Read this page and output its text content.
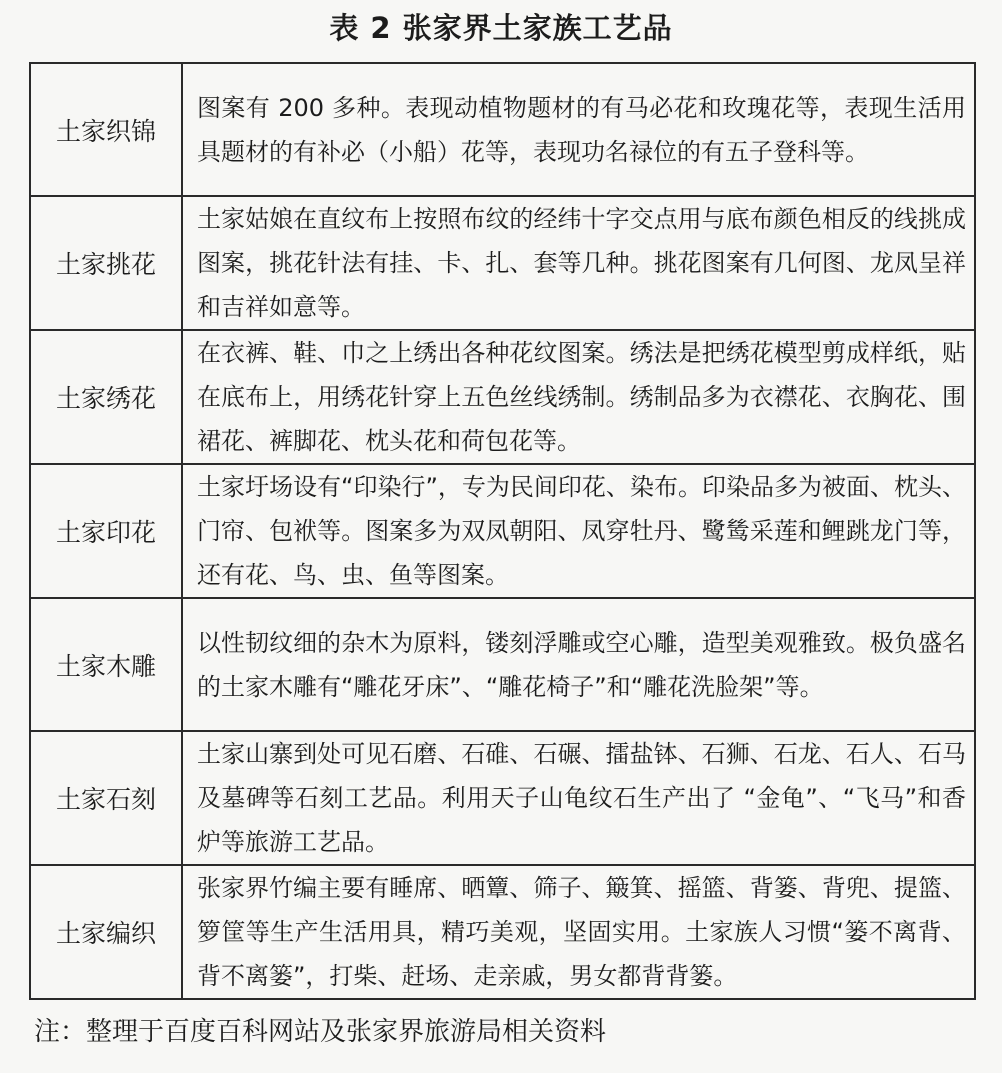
表 2 张家界土家族工艺品
土家织锦	图案有 200 多种。表现动植物题材的有马必花和玫瑰花等，表现生活用具题材的有补必（小船）花等，表现功名禄位的有五子登科等。
土家挑花	土家姑娘在直纹布上按照布纹的经纬十字交点用与底布颜色相反的线挑成图案，挑花针法有挂、卡、扎、套等几种。挑花图案有几何图、龙凤呈祥和吉祥如意等。
土家绣花	在衣裤、鞋、巾之上绣出各种花纹图案。绣法是把绣花模型剪成样纸，贴在底布上，用绣花针穿上五色丝线绣制。绣制品多为衣襟花、衣胸花、围裙花、裤脚花、枕头花和荷包花等。
土家印花	土家圩场设有“印染行”，专为民间印花、染布。印染品多为被面、枕头、门帘、包袱等。图案多为双凤朝阳、凤穿牡丹、鹭鸶采莲和鲤跳龙门等，还有花、鸟、虫、鱼等图案。
土家木雕	以性韧纹细的杂木为原料，镂刻浮雕或空心雕，造型美观雅致。极负盛名的土家木雕有“雕花牙床”、“雕花椅子”和“雕花洗脸架”等。
土家石刻	土家山寨到处可见石磨、石碓、石碾、擂盐钵、石狮、石龙、石人、石马及墓碑等石刻工艺品。利用天子山龟纹石生产出了 “金龟”、“飞马”和香炉等旅游工艺品。
土家编织	张家界竹编主要有睡席、晒簟、筛子、簸箕、摇篮、背篓、背兜、提篮、箩筐等生产生活用具，精巧美观，坚固实用。土家族人习惯“篓不离背、背不离篓”，打柴、赶场、走亲戚，男女都背背篓。
注：整理于百度百科网站及张家界旅游局相关资料
